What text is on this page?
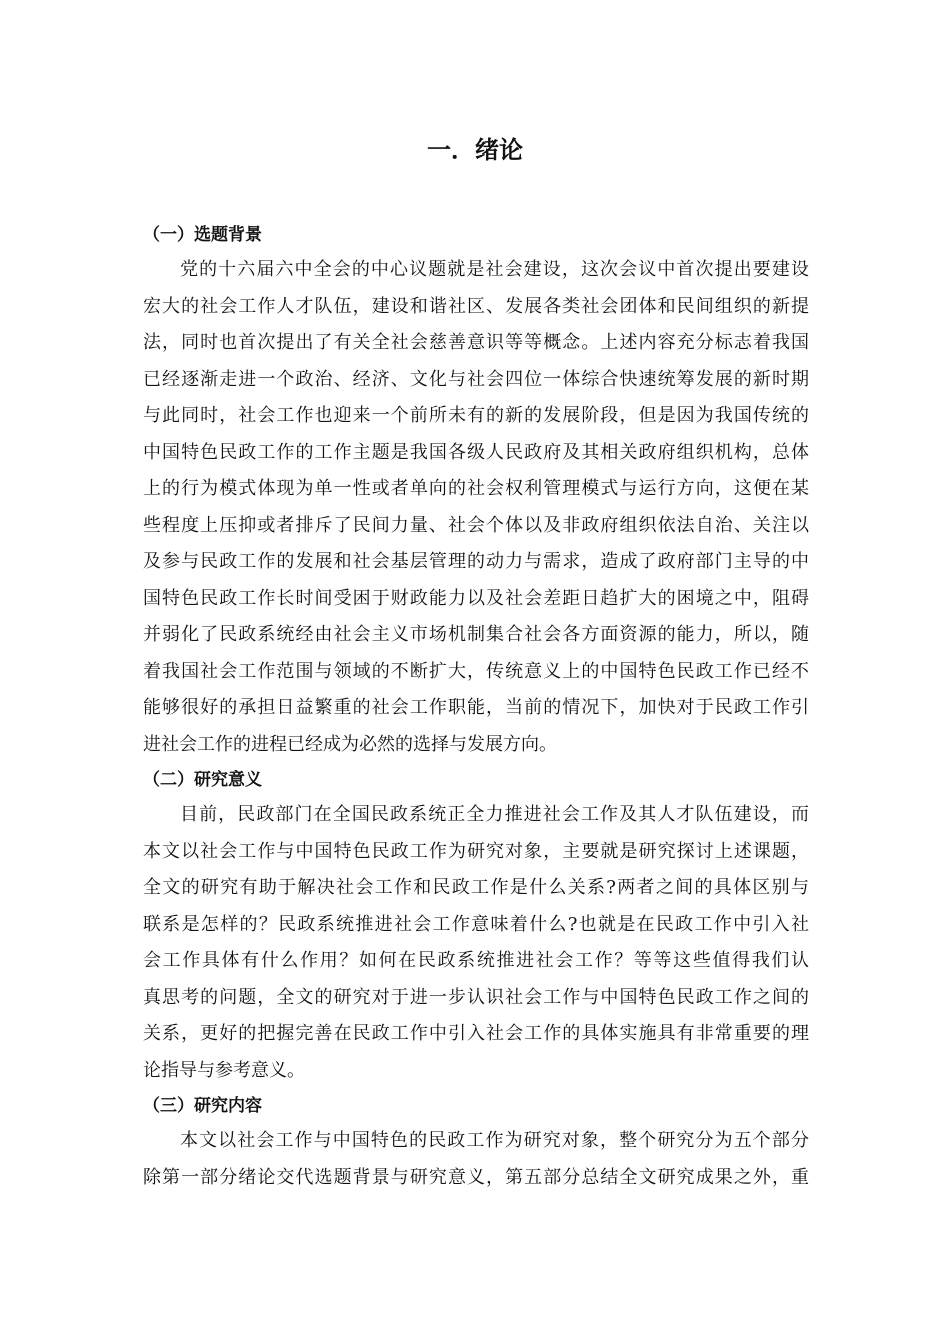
一．绪论
（一）选题背景
党的十六届六中全会的中心议题就是社会建设，这次会议中首次提出要建设
宏大的社会工作人才队伍，建设和谐社区、发展各类社会团体和民间组织的新提
法，同时也首次提出了有关全社会慈善意识等等概念。上述内容充分标志着我国
已经逐渐走进一个政治、经济、文化与社会四位一体综合快速统筹发展的新时期
与此同时，社会工作也迎来一个前所未有的新的发展阶段，但是因为我国传统的
中国特色民政工作的工作主题是我国各级人民政府及其相关政府组织机构，总体
上的行为模式体现为单一性或者单向的社会权利管理模式与运行方向，这便在某
些程度上压抑或者排斥了民间力量、社会个体以及非政府组织依法自治、关注以
及参与民政工作的发展和社会基层管理的动力与需求，造成了政府部门主导的中
国特色民政工作长时间受困于财政能力以及社会差距日趋扩大的困境之中，阻碍
并弱化了民政系统经由社会主义市场机制集合社会各方面资源的能力，所以，随
着我国社会工作范围与领域的不断扩大，传统意义上的中国特色民政工作已经不
能够很好的承担日益繁重的社会工作职能，当前的情况下，加快对于民政工作引
进社会工作的进程已经成为必然的选择与发展方向。
（二）研究意义
目前，民政部门在全国民政系统正全力推进社会工作及其人才队伍建设，而
本文以社会工作与中国特色民政工作为研究对象，主要就是研究探讨上述课题，
全文的研究有助于解决社会工作和民政工作是什么关系?两者之间的具体区别与
联系是怎样的？民政系统推进社会工作意味着什么?也就是在民政工作中引入社
会工作具体有什么作用？如何在民政系统推进社会工作？等等这些值得我们认
真思考的问题，全文的研究对于进一步认识社会工作与中国特色民政工作之间的
关系，更好的把握完善在民政工作中引入社会工作的具体实施具有非常重要的理
论指导与参考意义。
（三）研究内容
本文以社会工作与中国特色的民政工作为研究对象，整个研究分为五个部分
除第一部分绪论交代选题背景与研究意义，第五部分总结全文研究成果之外，重
